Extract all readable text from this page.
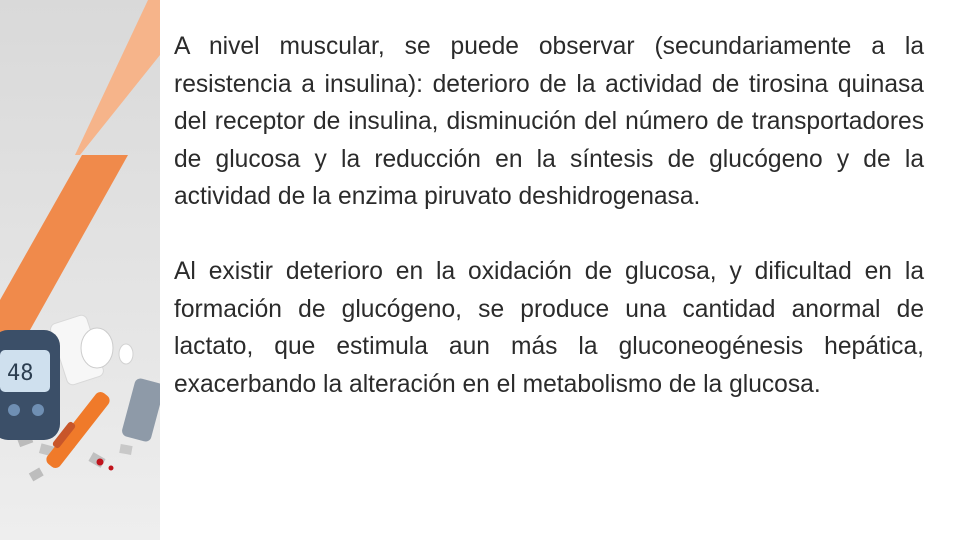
48

A nivel muscular, se puede observar (secundariamente a la resistencia a insulina): deterioro de la actividad de tirosina quinasa del receptor de insulina, disminución del número de transportadores de glucosa y la reducción en la síntesis de glucógeno y de la actividad de la enzima piruvato deshidrogenasa.

Al existir deterioro en la oxidación de glucosa, y dificultad en la formación de glucógeno, se produce una cantidad anormal de lactato, que estimula aun más la gluconeogénesis hepática, exacerbando la alteración en el metabolismo de la glucosa.
